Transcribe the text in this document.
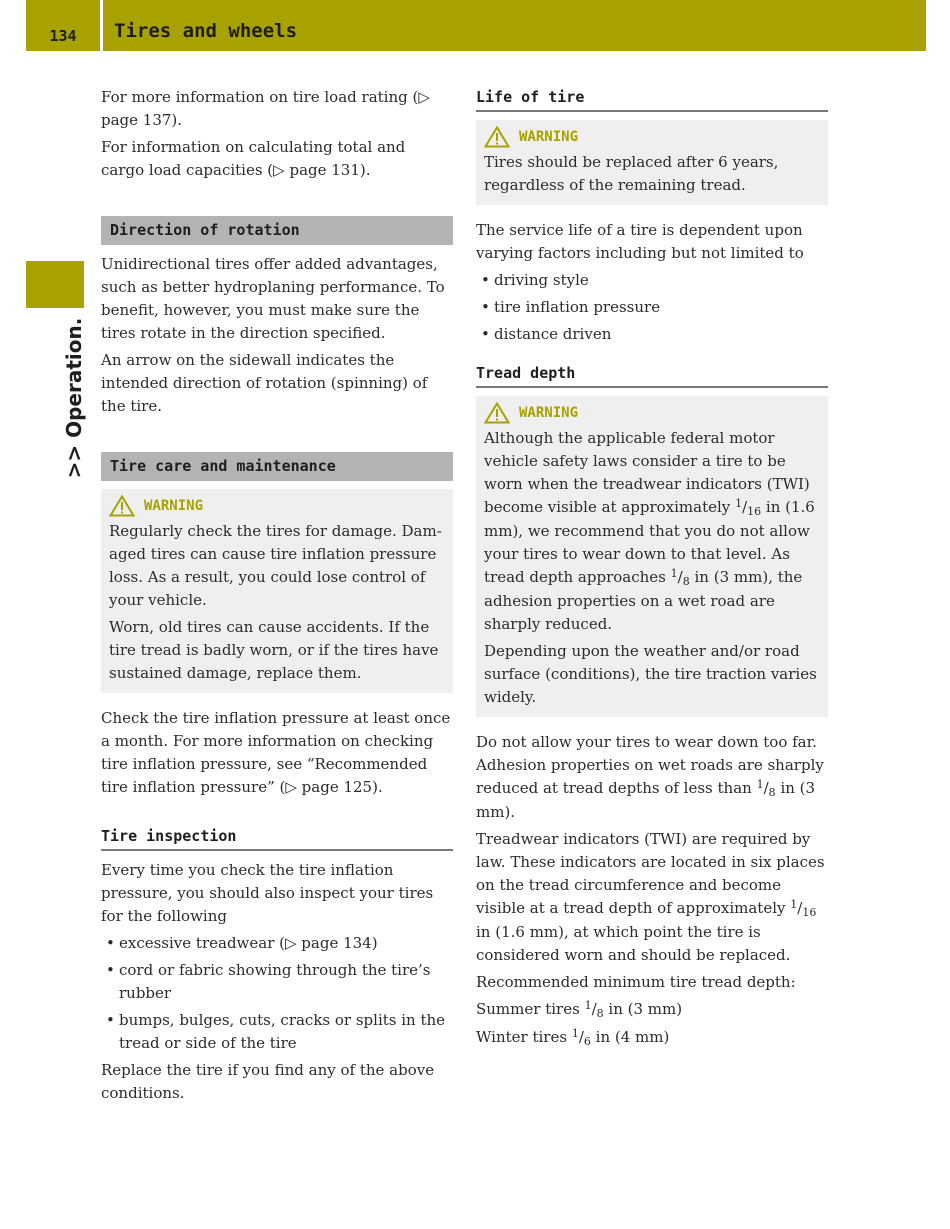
134	Tires and wheels
>> Operation.

For more information on tire load rating (▷ page 137).

For information on calculating total and cargo load capacities (▷ page 131).

Direction of rotation

Unidirectional tires offer added advantages, such as better hydroplaning performance. To benefit, however, you must make sure the tires rotate in the direction specified.

An arrow on the sidewall indicates the intended direction of rotation (spinning) of the tire.

Tire care and maintenance
WARNING

Regularly check the tires for damage. Damaged tires can cause tire inflation pressure loss. As a result, you could lose control of your vehicle.

Worn, old tires can cause accidents. If the tire tread is badly worn, or if the tires have sustained damage, replace them.

Check the tire inflation pressure at least once a month. For more information on checking tire inflation pressure, see “Recommended tire inflation pressure” (▷ page 125).

Tire inspection

Every time you check the tire inflation pressure, you should also inspect your tires for the following

• excessive treadwear (▷ page 134)
• cord or fabric showing through the tire’s rubber
• bumps, bulges, cuts, cracks or splits in the tread or side of the tire

Replace the tire if you find any of the above conditions.

Life of tire
WARNING

Tires should be replaced after 6 years, regardless of the remaining tread.

The service life of a tire is dependent upon varying factors including but not limited to

• driving style
• tire inflation pressure
• distance driven
Tread depth
WARNING

Although the applicable federal motor vehicle safety laws consider a tire to be worn when the treadwear indicators (TWI) become visible at approximately $^1/_{16}$ in (1.6 mm), we recommend that you do not allow your tires to wear down to that level. As tread depth approaches $^1/_8$ in (3 mm), the adhesion properties on a wet road are sharply reduced.

Depending upon the weather and/or road surface (conditions), the tire traction varies widely.

Do not allow your tires to wear down too far. Adhesion properties on wet roads are sharply reduced at tread depths of less than $^1/_8$ in (3 mm).

Treadwear indicators (TWI) are required by law. These indicators are located in six places on the tread circumference and become visible at a tread depth of approximately $^1/_{16}$ in (1.6 mm), at which point the tire is considered worn and should be replaced.

Recommended minimum tire tread depth:

Summer tires $^1/_8$ in (3 mm)

Winter tires $^1/_6$ in (4 mm)
